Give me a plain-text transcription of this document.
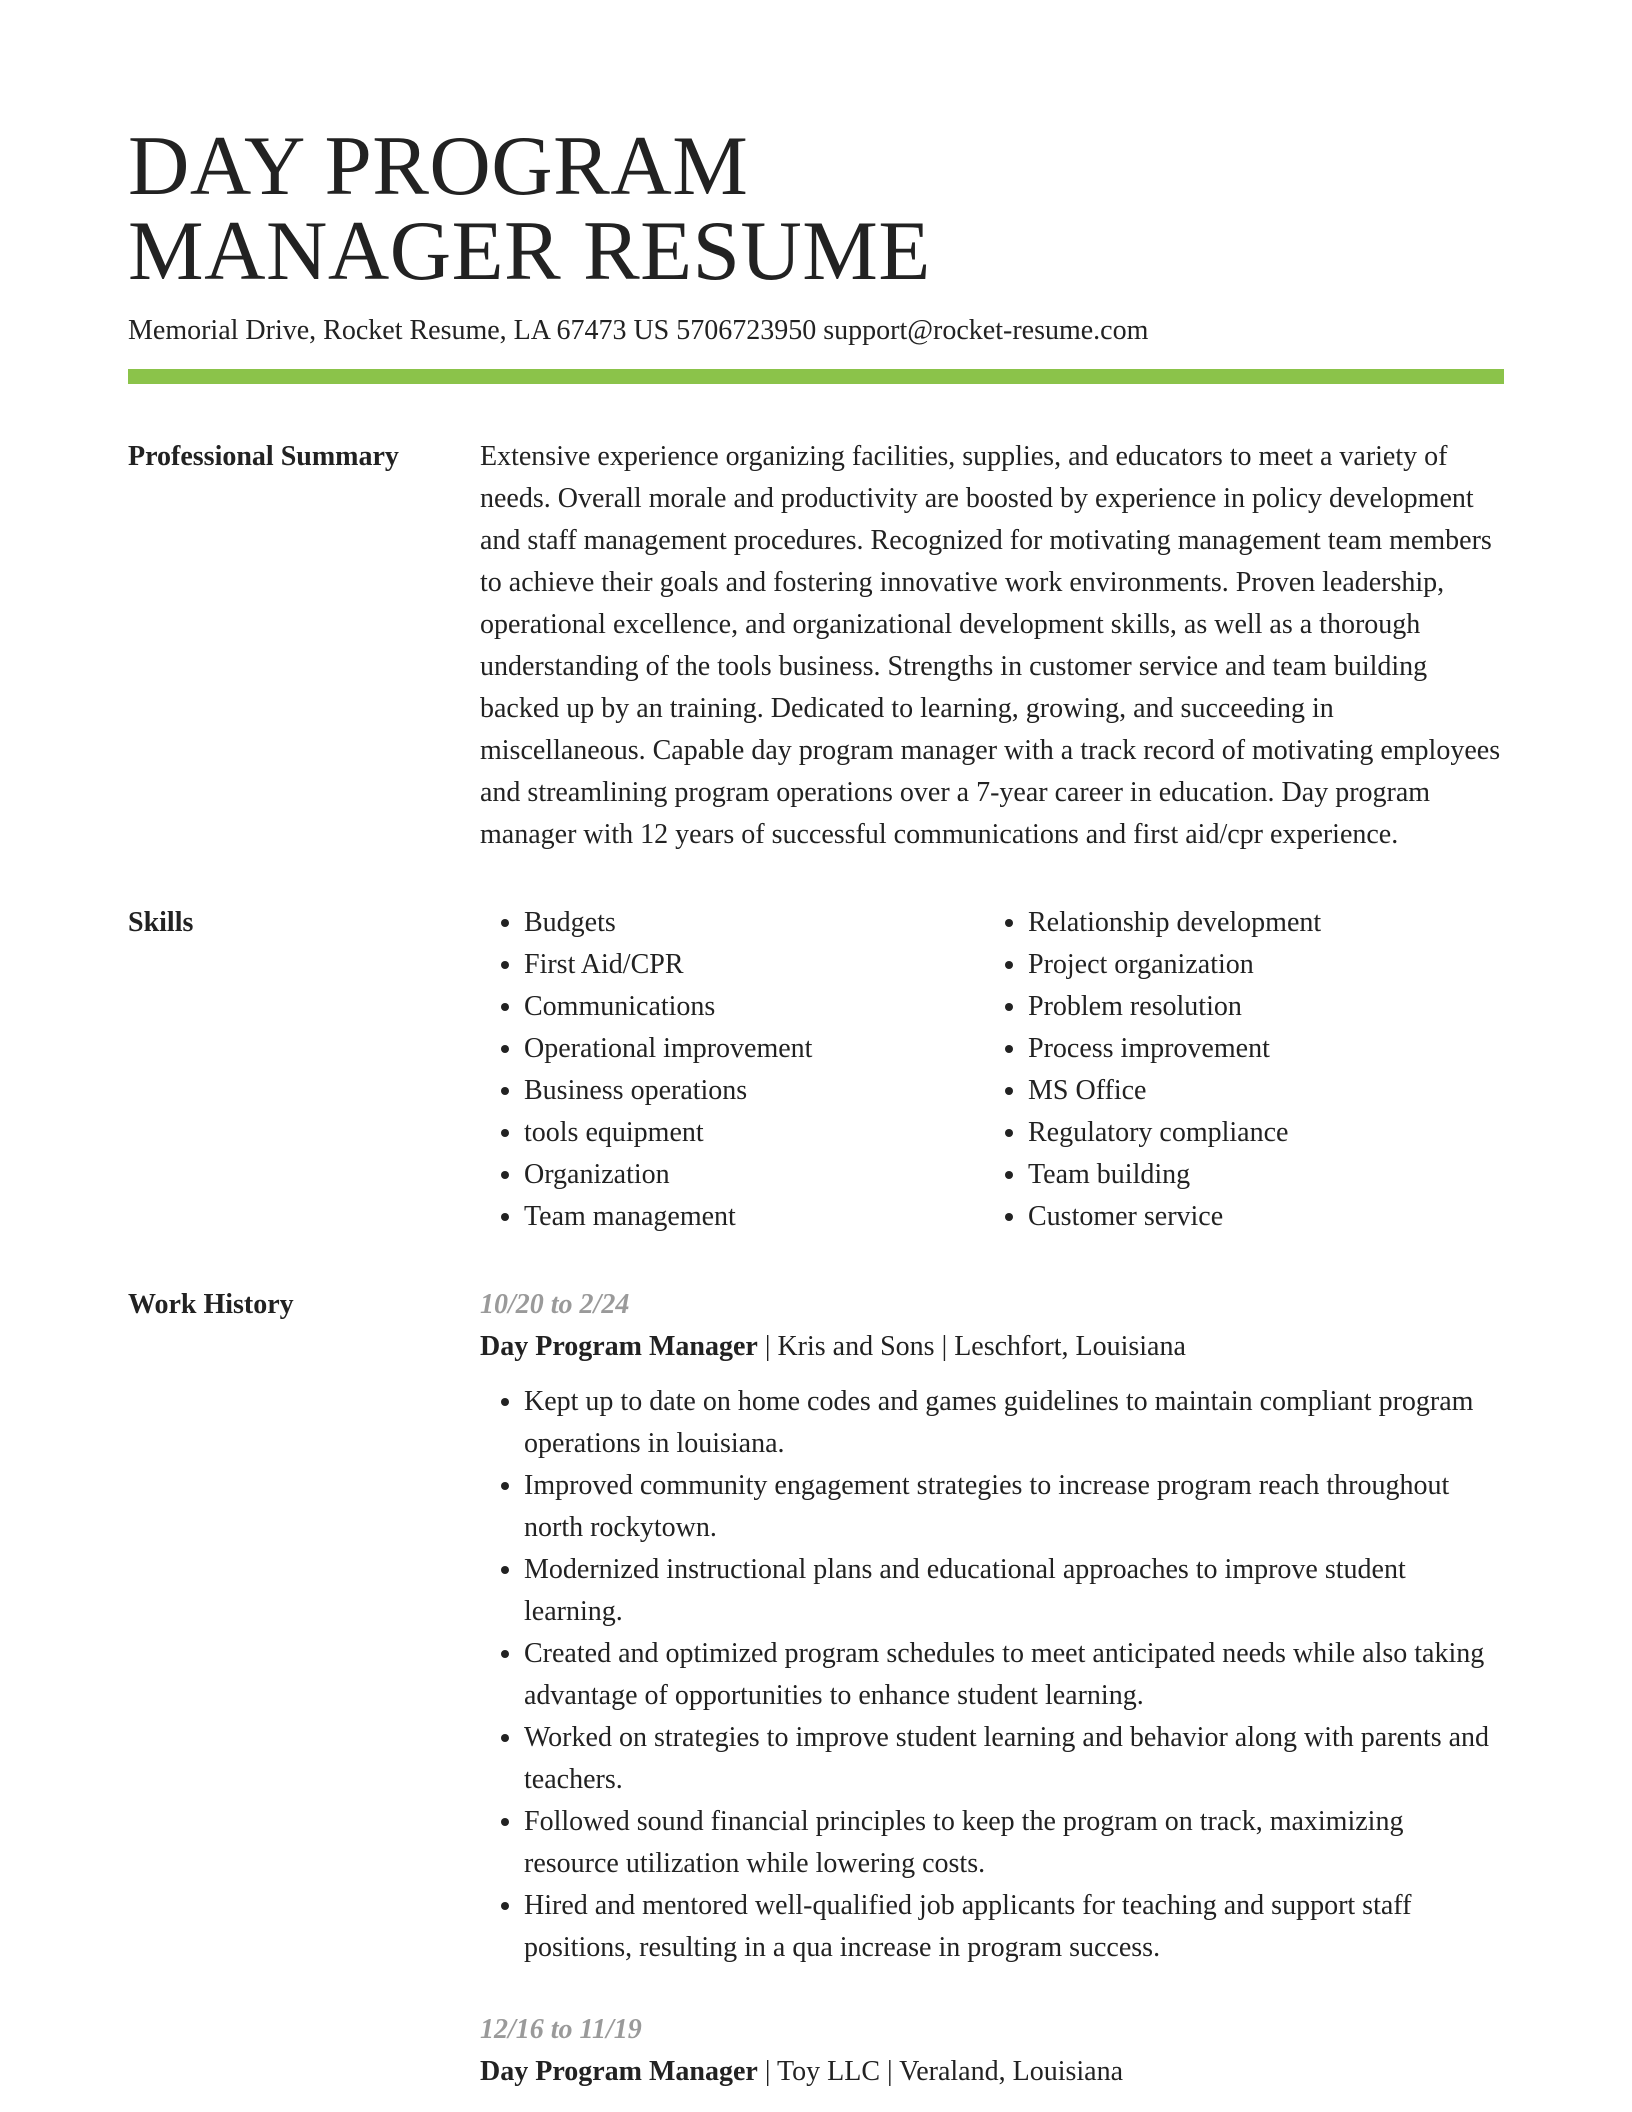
DAY PROGRAM
MANAGER RESUME
Memorial Drive, Rocket Resume, LA 67473 US 5706723950 support@rocket-resume.com
Professional Summary	Extensive experience organizing facilities, supplies, and educators to meet a variety of needs. Overall morale and productivity are boosted by experience in policy development and staff management procedures. Recognized for motivating management team members to achieve their goals and fostering innovative work environments. Proven leadership, operational excellence, and organizational development skills, as well as a thorough understanding of the tools business. Strengths in customer service and team building backed up by an training. Dedicated to learning, growing, and succeeding in miscellaneous. Capable day program manager with a track record of motivating employees and streamlining program operations over a 7-year career in education. Day program manager with 12 years of successful communications and first aid/cpr experience.

Skills
•	Budgets
• First Aid/CPR
• Communications
• Operational improvement
• Business operations
• tools equipment
• Organization
• Team management
• Relationship development
• Project organization
• Problem resolution
• Process improvement
• MS Office
• Regulatory compliance
• Team building
• Customer service
Work History	10/20 to 2/24
Day Program Manager | Kris and Sons | Leschfort, Louisiana
• Kept up to date on home codes and games guidelines to maintain compliant program operations in louisiana.
• Improved community engagement strategies to increase program reach throughout north rockytown.
• Modernized instructional plans and educational approaches to improve student learning.
• Created and optimized program schedules to meet anticipated needs while also taking advantage of opportunities to enhance student learning.
• Worked on strategies to improve student learning and behavior along with parents and teachers.
• Followed sound financial principles to keep the program on track, maximizing resource utilization while lowering costs.
• Hired and mentored well-qualified job applicants for teaching and support staff positions, resulting in a qua increase in program success.
12/16 to 11/19
Day Program Manager | Toy LLC | Veraland, Louisiana
